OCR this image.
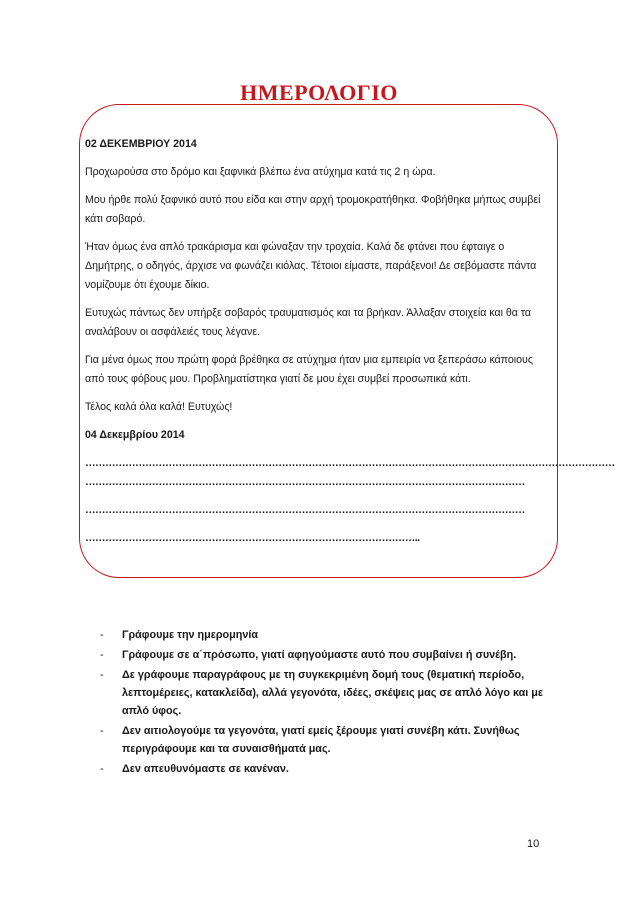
ΗΜΕΡΟΛΟΓΙΟ

02 ΔΕΚΕΜΒΡΙΟΥ 2014

Προχωρούσα στο δρόμο και ξαφνικά βλέπω ένα ατύχημα κατά τις 2 η ώρα.

Μου ήρθε πολύ ξαφνικό αυτό που είδα και στην αρχή τρομοκρατήθηκα. Φοβήθηκα μήπως συμβεί κάτι σοβαρό.

Ήταν όμως ένα απλό τρακάρισμα και φώναξαν την τροχαία. Καλά δε φτάνει που έφταιγε ο Δημήτρης, ο οδηγός, άρχισε να φωνάζει κιόλας. Τέτοιοι είμαστε, παράξενοι! Δε σεβόμαστε πάντα νομίζουμε ότι έχουμε δίκιο.

Ευτυχώς πάντως δεν υπήρξε σοβαρός τραυματισμός και τα βρήκαν. Άλλαξαν στοιχεία και θα τα αναλάβουν οι ασφάλειές τους λέγανε.

Για μένα όμως που πρώτη φορά βρέθηκα σε ατύχημα ήταν μια εμπειρία να ξεπεράσω κάποιους από τους φόβους μου. Προβληματίστηκα γιατί δε μου έχει συμβεί προσωπικά κάτι.

Τέλος καλά όλα καλά! Ευτυχώς!

04 Δεκεμβρίου 2014

……………………………………………………………………………………………………………………………………………
……………………………………………………………………………………………………………………
……………………………………………………………………………………………………………………
………………………………………………………………………………………..
- Γράφουμε την ημερομηνία
- Γράφουμε σε α΄πρόσωπο, γιατί αφηγούμαστε αυτό που συμβαίνει ή συνέβη.
- Δε γράφουμε παραγράφους με τη συγκεκριμένη δομή τους (θεματική περίοδο, λεπτομέρειες, κατακλείδα), αλλά γεγονότα, ιδέες, σκέψεις μας σε απλό λόγο και με απλό ύφος.
- Δεν αιτιολογούμε τα γεγονότα, γιατί εμείς ξέρουμε γιατί συνέβη κάτι. Συνήθως περιγράφουμε και τα συναισθήματά μας.
- Δεν απευθυνόμαστε σε κανέναν.
10
